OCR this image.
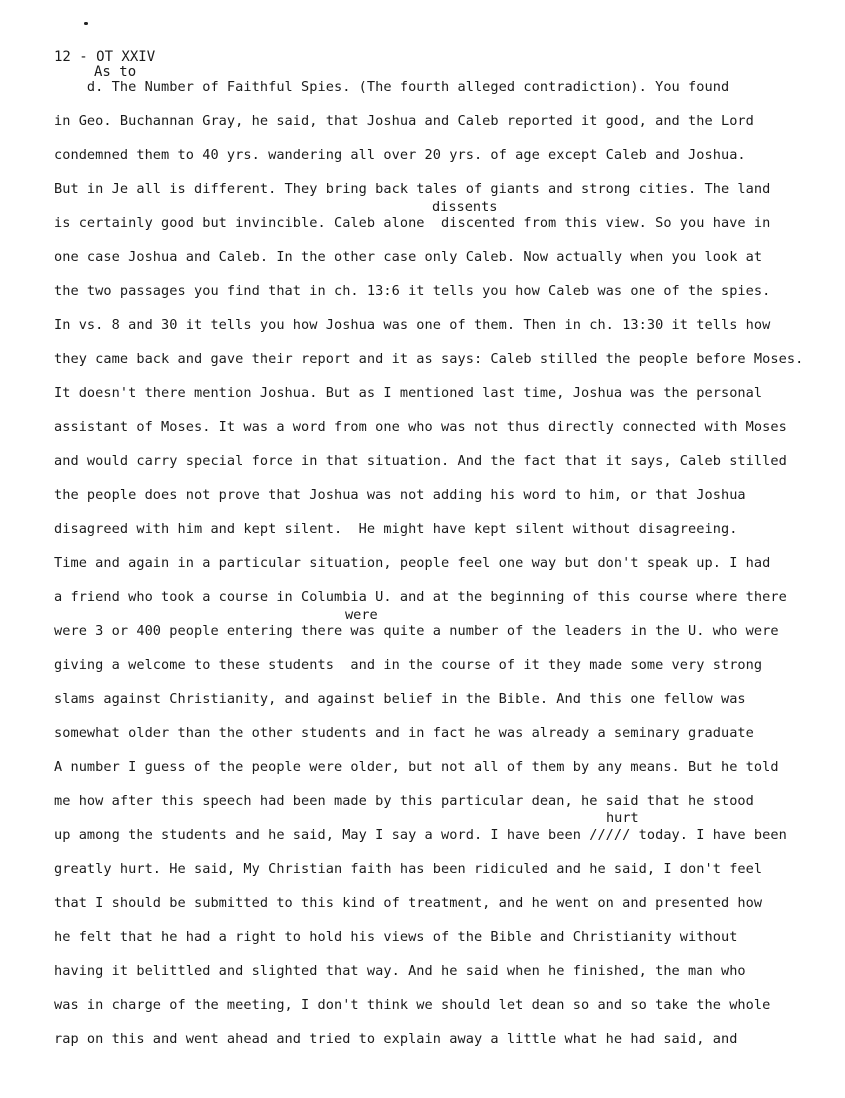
12 - OT XXIV
As to
dissents
were
hurt
d. The Number of Faithful Spies. (The fourth alleged contradiction). You found
in Geo. Buchannan Gray, he said, that Joshua and Caleb reported it good, and the Lord
condemned them to 40 yrs. wandering all over 20 yrs. of age except Caleb and Joshua.
But in Je all is different. They bring back tales of giants and strong cities. The land
is certainly good but invincible. Caleb alone  discented from this view. So you have in
one case Joshua and Caleb. In the other case only Caleb. Now actually when you look at
the two passages you find that in ch. 13:6 it tells you how Caleb was one of the spies.
In vs. 8 and 30 it tells you how Joshua was one of them. Then in ch. 13:30 it tells how
they came back and gave their report and it as says: Caleb stilled the people before Moses.
It doesn't there mention Joshua. But as I mentioned last time, Joshua was the personal
assistant of Moses. It was a word from one who was not thus directly connected with Moses
and would carry special force in that situation. And the fact that it says, Caleb stilled
the people does not prove that Joshua was not adding his word to him, or that Joshua
disagreed with him and kept silent.  He might have kept silent without disagreeing.
Time and again in a particular situation, people feel one way but don't speak up. I had
a friend who took a course in Columbia U. and at the beginning of this course where there
were 3 or 400 people entering there was quite a number of the leaders in the U. who were
giving a welcome to these students  and in the course of it they made some very strong
slams against Christianity, and against belief in the Bible. And this one fellow was
somewhat older than the other students and in fact he was already a seminary graduate
A number I guess of the people were older, but not all of them by any means. But he told
me how after this speech had been made by this particular dean, he said that he stood
up among the students and he said, May I say a word. I have been ///// today. I have been
greatly hurt. He said, My Christian faith has been ridiculed and he said, I don't feel
that I should be submitted to this kind of treatment, and he went on and presented how
he felt that he had a right to hold his views of the Bible and Christianity without
having it belittled and slighted that way. And he said when he finished, the man who
was in charge of the meeting, I don't think we should let dean so and so take the whole
rap on this and went ahead and tried to explain away a little what he had said, and
